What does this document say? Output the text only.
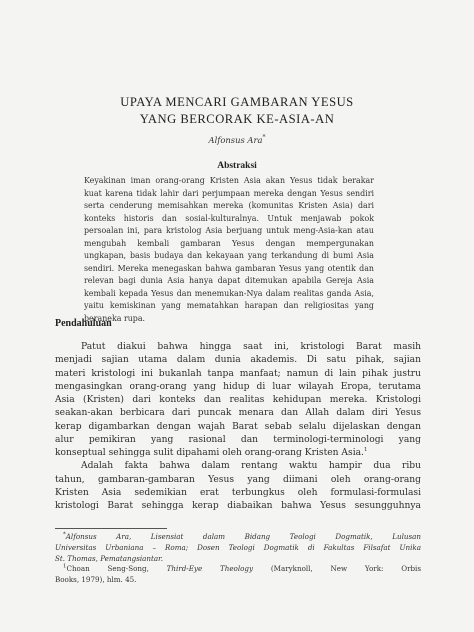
UPAYA MENCARI GAMBARAN YESUS
YANG BERCORAK KE-ASIA-AN
Alfonsus Ara*
Abstraksi
Keyakinan iman orang-orang Kristen Asia akan Yesus tidak berakar
kuat karena tidak lahir dari perjumpaan mereka dengan Yesus sendiri
serta cenderung memisahkan mereka (komunitas Kristen Asia) dari
konteks historis dan sosial-kulturalnya. Untuk menjawab pokok
persoalan ini, para kristolog Asia berjuang untuk meng-Asia-kan atau
mengubah kembali gambaran Yesus dengan mempergunakan
ungkapan, basis budaya dan kekayaan yang terkandung di bumi Asia
sendiri. Mereka menegaskan bahwa gambaran Yesus yang otentik dan
relevan bagi dunia Asia hanya dapat ditemukan apabila Gereja Asia
kembali kepada Yesus dan menemukan-Nya dalam realitas ganda Asia,
yaitu kemiskinan yang mematahkan harapan dan religiositas yang
beraneka rupa.
Pendahuluan
Patut diakui bahwa hingga saat ini, kristologi Barat masih
menjadi sajian utama dalam dunia akademis. Di satu pihak, sajian
materi kristologi ini bukanlah tanpa manfaat; namun di lain pihak justru
mengasingkan orang-orang yang hidup di luar wilayah Eropa, terutama
Asia (Kristen) dari konteks dan realitas kehidupan mereka. Kristologi
seakan-akan berbicara dari puncak menara dan Allah dalam diri Yesus
kerap digambarkan dengan wajah Barat sebab selalu dijelaskan dengan
alur pemikiran yang rasional dan terminologi-terminologi yang
konseptual sehingga sulit dipahami oleh orang-orang Kristen Asia.$^1$
Adalah fakta bahwa dalam rentang waktu hampir dua ribu
tahun, gambaran-gambaran Yesus yang diimani oleh orang-orang
Kristen Asia sedemikian erat terbungkus oleh formulasi-formulasi
kristologi Barat sehingga kerap diabaikan bahwa Yesus sesungguhnya
*Alfonsus Ara, Lisensiat dalam Bidang Teologi Dogmatik, Lulusan
Universitas Urbaniana – Roma; Dosen Teologi Dogmatik di Fakultas Filsafat Unika
St. Thomas, Pematangsiantar.
$^1$Choan Seng-Song, Third-Eye Theology (Maryknoll, New York: Orbis
Books, 1979), hlm. 45.
